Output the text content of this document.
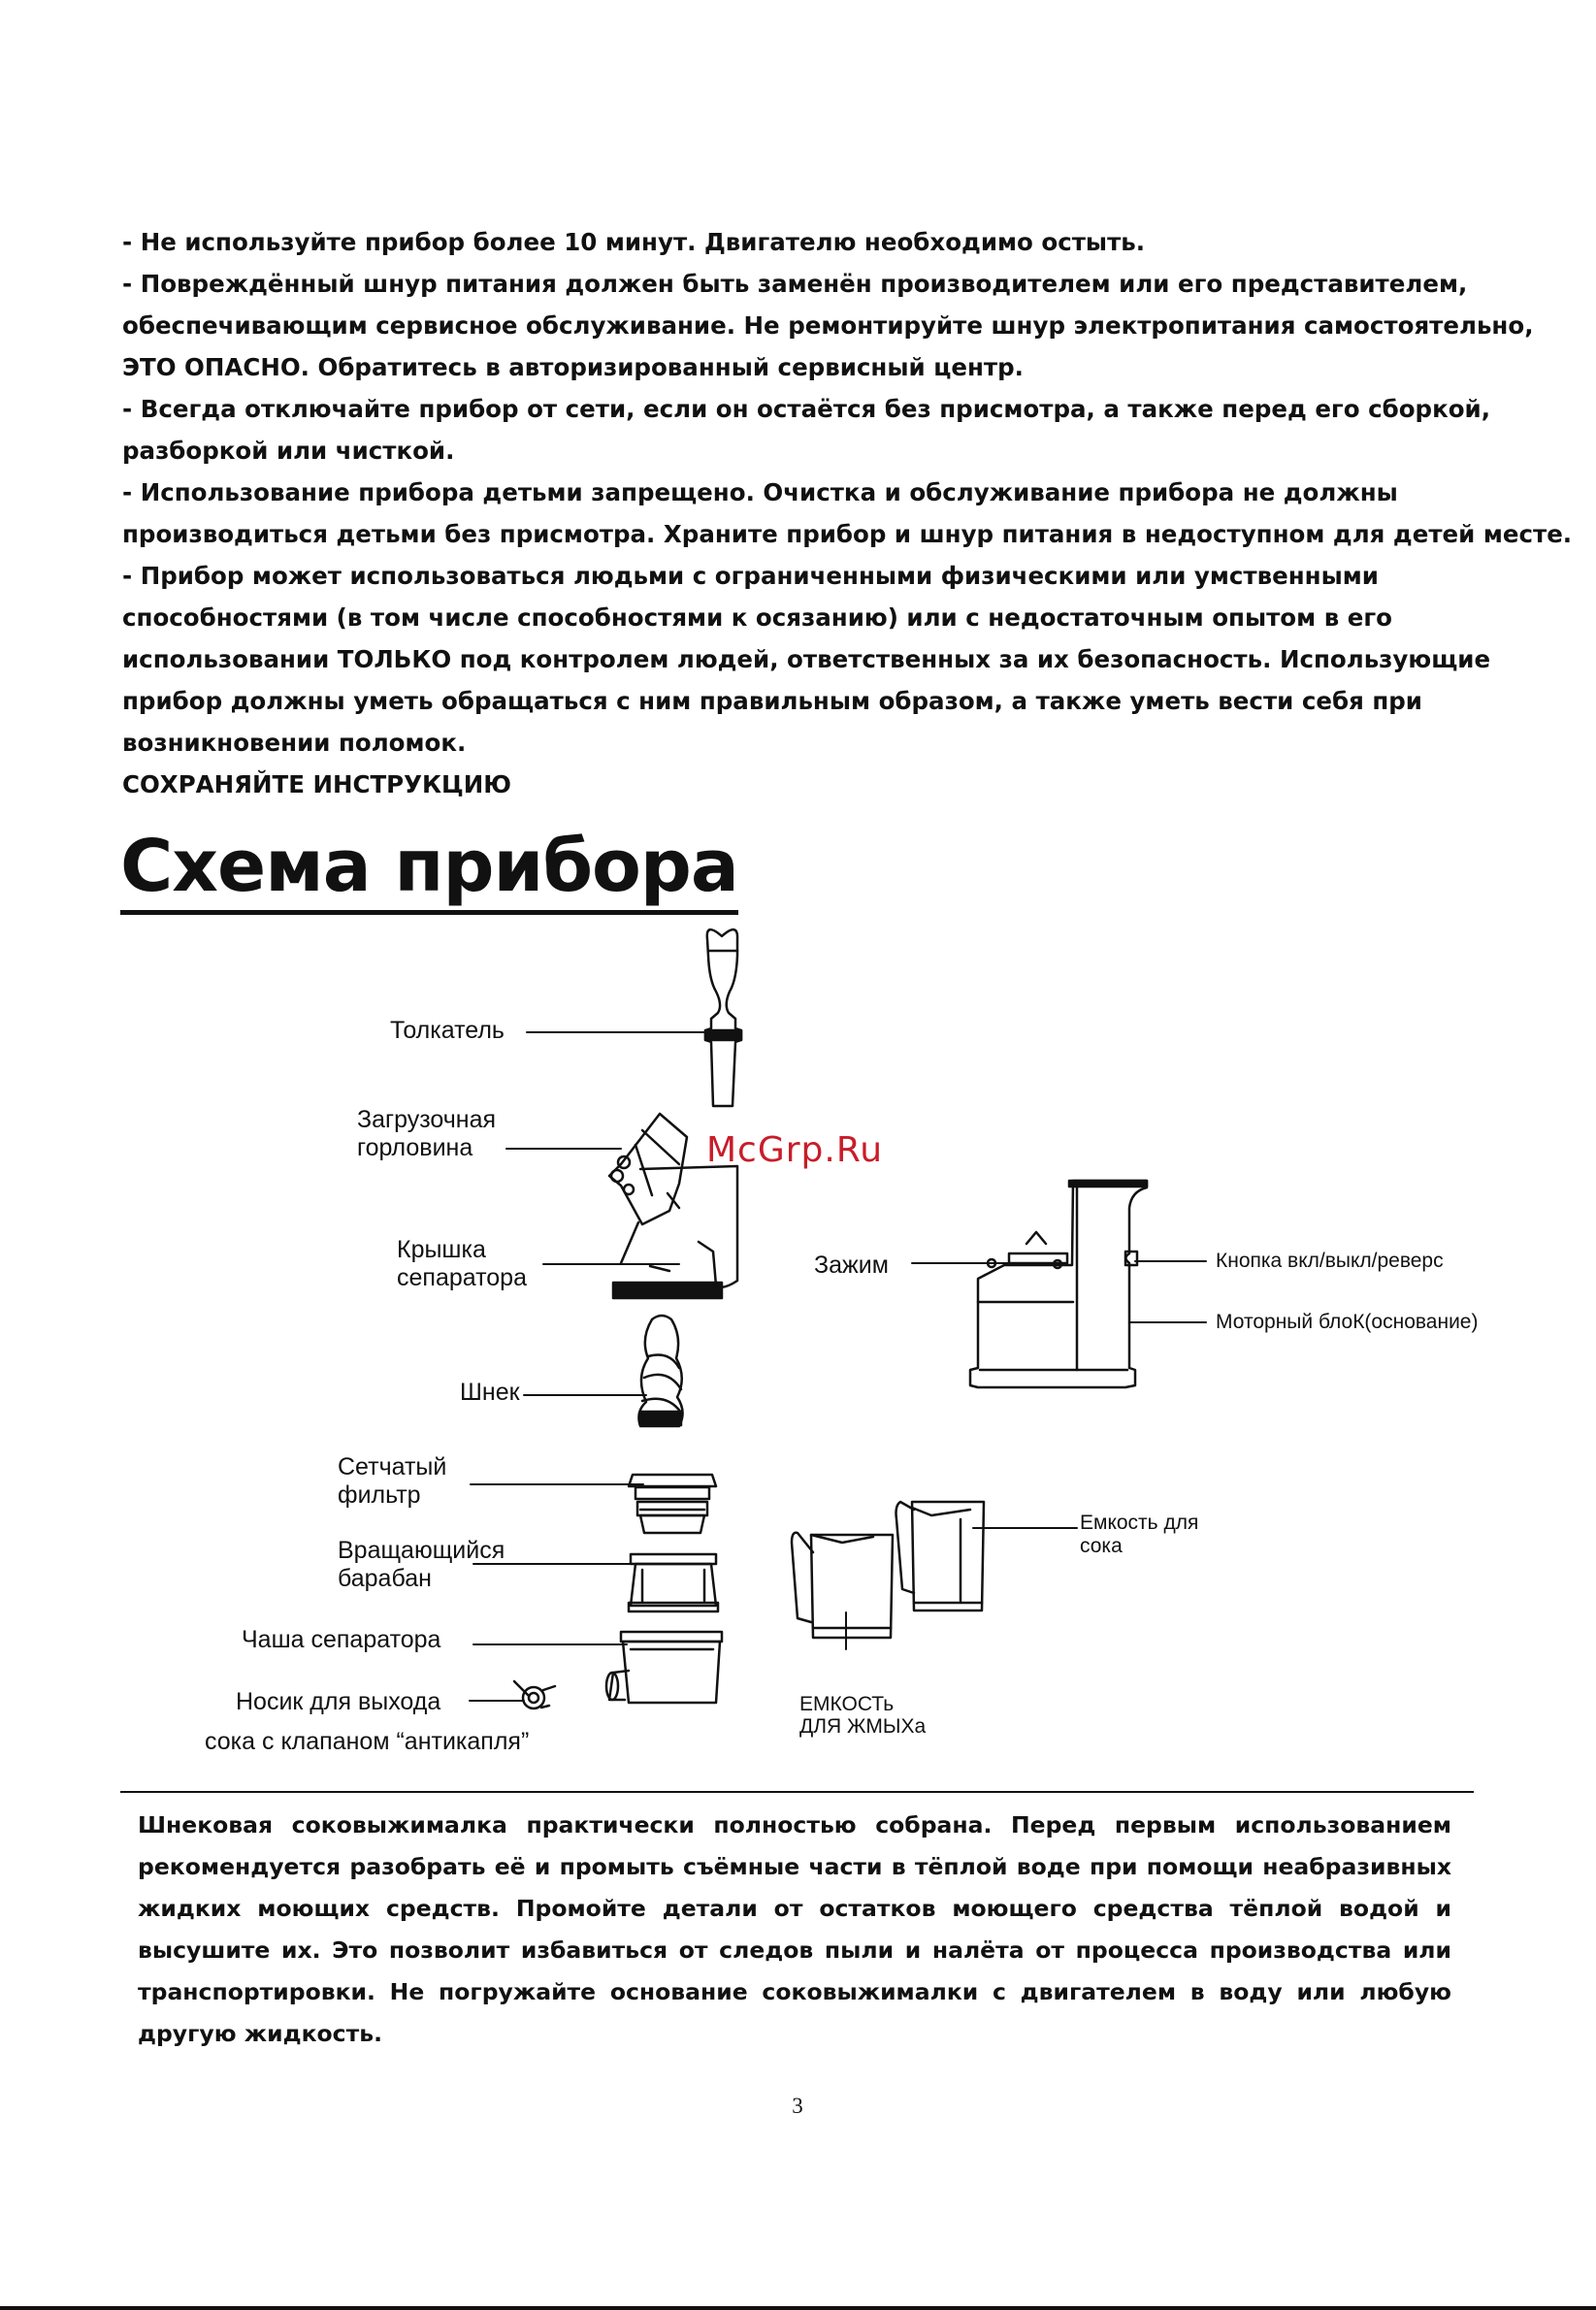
- Не используйте прибор более 10 минут. Двигателю необходимо остыть.

- Повреждённый шнур питания должен быть заменён производителем или его представителем,

обеспечивающим сервисное обслуживание. Не ремонтируйте шнур электропитания самостоятельно,

ЭТО ОПАСНО. Обратитесь в авторизированный сервисный центр.

- Всегда отключайте прибор от сети, если он остаётся без присмотра, а также перед его сборкой,

разборкой или чисткой.

- Использование прибора детьми запрещено. Очистка и обслуживание прибора не должны

производиться детьми без присмотра. Храните прибор и шнур питания в недоступном для детей месте.

- Прибор может использоваться людьми с ограниченными физическими или умственными

способностями (в том числе способностями к осязанию) или с недостаточным опытом в его

использовании ТОЛЬКО под контролем людей, ответственных за их безопасность. Использующие

прибор должны уметь обращаться с ним правильным образом, а также уметь вести себя при

возникновении поломок.

СОХРАНЯЙТЕ ИНСТРУКЦИЮ

Схема прибора
McGrp.Ru
Толкатель
Загрузочная
горловина
Крышка
сепаратора
Шнек
Сетчатый
фильтр
Вращающийся
барабан
Чаша сепаратора
Носик для выхода
сока с клапаном “антикапля”
Зажим	Кнопка вкл/выкл/реверс
Моторный блоК(основание)
Емкость для
сока
ЕМКОСТь
ДЛЯ ЖМЫХа

Шнековая соковыжималка практически полностью собрана. Перед первым использованием рекомендуется разобрать её и промыть съёмные части в тёплой воде при помощи неабразивных жидких моющих средств. Промойте детали от остатков моющего средства тёплой водой и высушите их. Это позволит избавиться от следов пыли и налёта от процесса производства или транспортировки. Не погружайте основание соковыжималки с двигателем в воду или любую другую жидкость.

3
